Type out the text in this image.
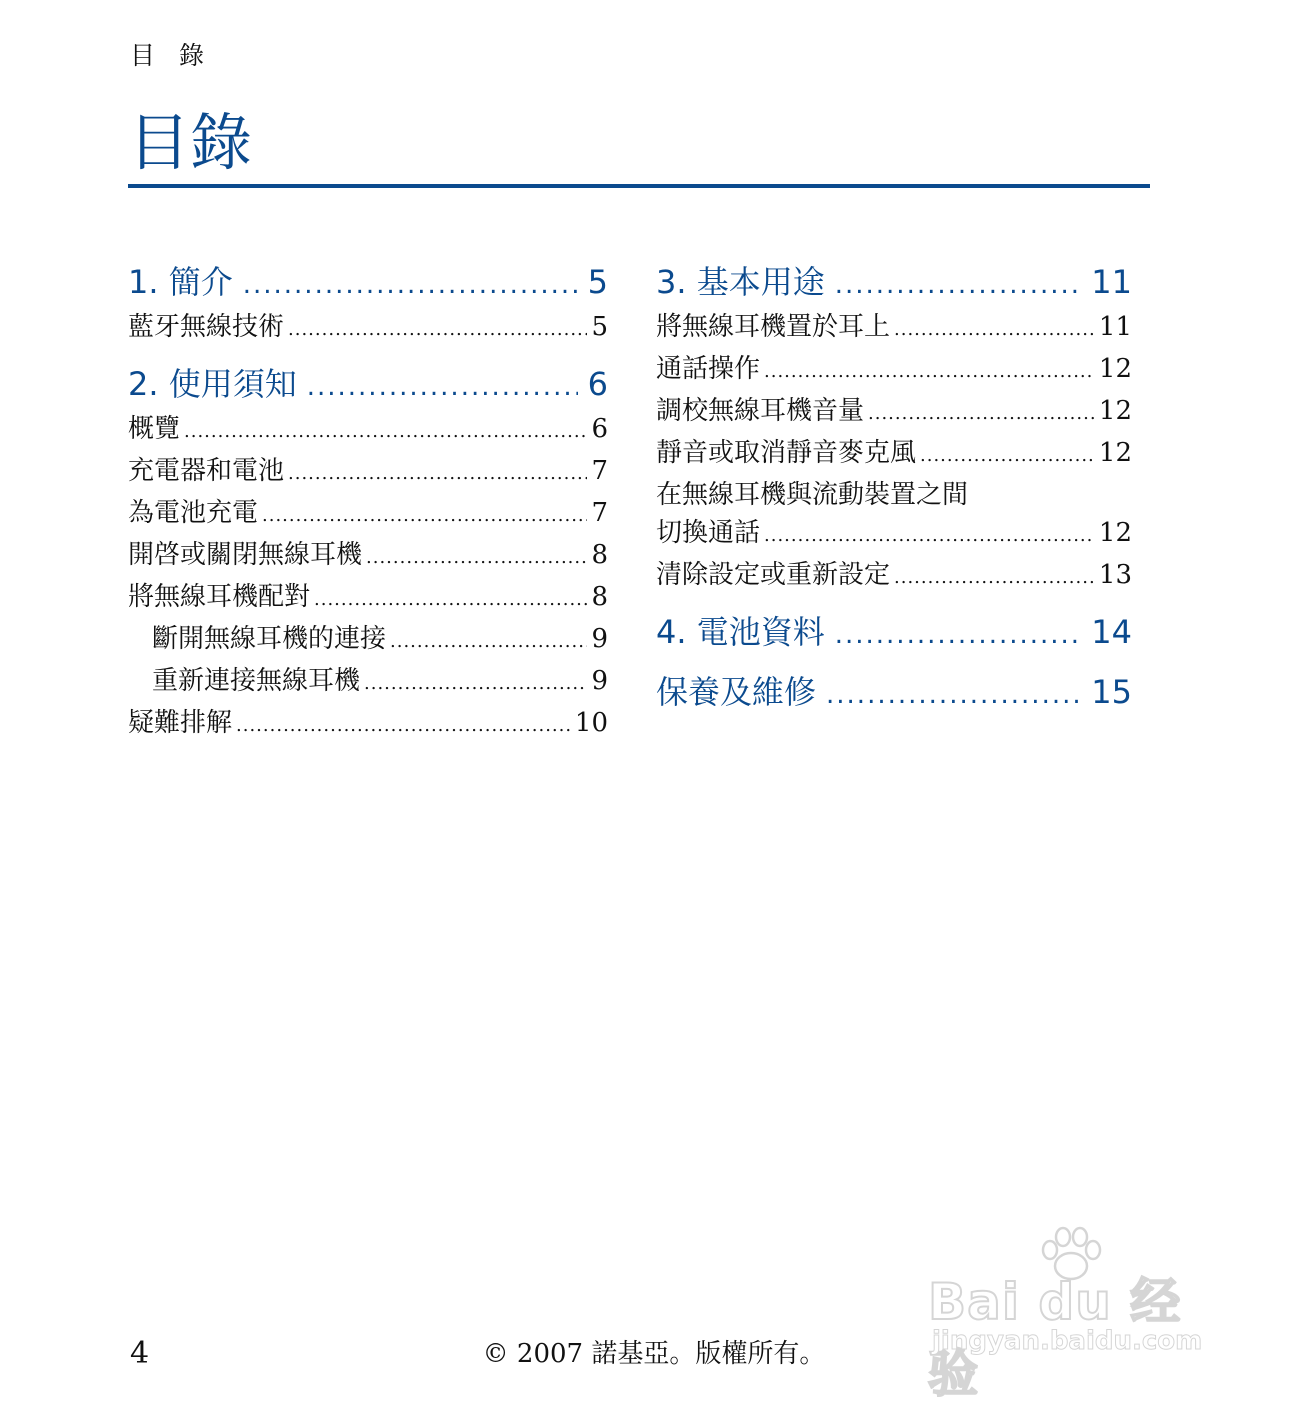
目 錄
目錄
1. 簡介 .....	5
藍牙無線技術 .....	5
2. 使用須知 .....	6
概覽 .....	6
充電器和電池 .....	7
為電池充電 .....	7
開啓或關閉無線耳機 .....	8
將無線耳機配對 .....	8
斷開無線耳機的連接 .....	9
重新連接無線耳機 .....	9
疑難排解 .....	10
3. 基本用途 .....	11
將無線耳機置於耳上 .....	11
通話操作 .....	12
調校無線耳機音量 .....	12
靜音或取消靜音麥克風 .....	12
在無線耳機與流動裝置之間
切換通話 .....	12
清除設定或重新設定 .....	13
4. 電池資料 .....	14
保養及維修 .....	15
Bai du 经验
jingyan.baidu.com
4	© 2007 諾基亞。版權所有。
